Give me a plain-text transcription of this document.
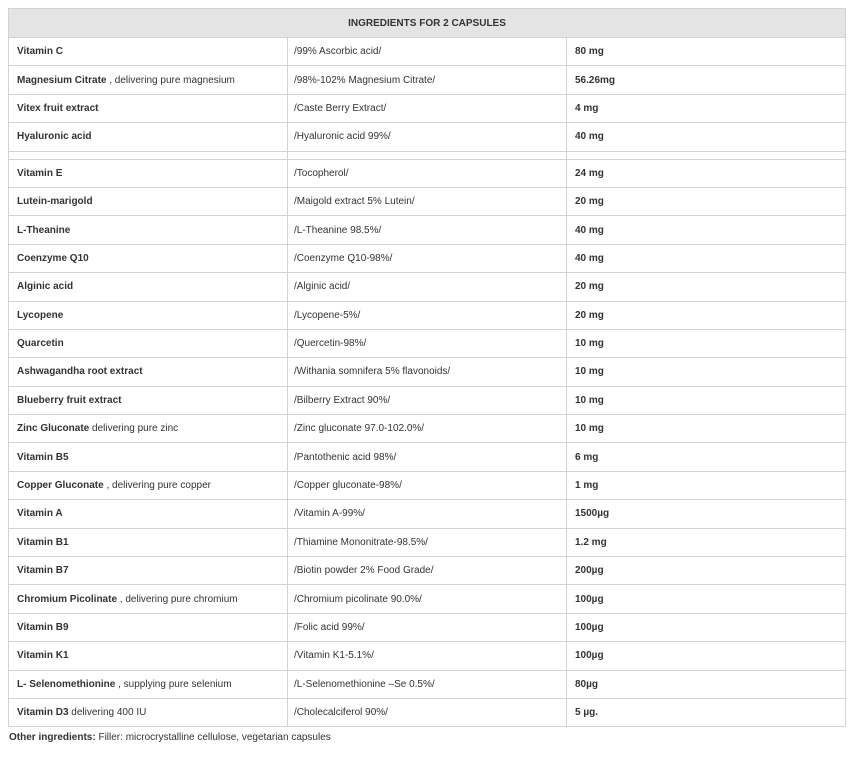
INGREDIENTS FOR 2 CAPSULES		
Vitamin C	/99% Ascorbic acid/	80 mg
Magnesium Citrate , delivering pure magnesium	/98%-102% Magnesium Citrate/	56.26mg
Vitex fruit extract	/Caste Berry Extract/	4 mg
Hyaluronic acid	/Hyaluronic acid 99%/	40 mg

Vitamin E	/Tocopherol/	24 mg
Lutein-marigold	/Maigold extract 5% Lutein/	20 mg
L-Theanine	/L-Theanine 98.5%/	40 mg
Coenzyme Q10	/Coenzyme Q10-98%/	40 mg
Alginic acid	/Alginic acid/	20 mg
Lycopene	/Lycopene-5%/	20 mg
Quarcetin	/Quercetin-98%/	10 mg
Ashwagandha root extract	/Withania somnifera 5% flavonoids/	10 mg
Blueberry fruit extract	/Bilberry Extract 90%/	10 mg
Zinc Gluconate delivering pure zinc	/Zinc gluconate 97.0-102.0%/	10 mg
Vitamin B5	/Pantothenic acid 98%/	6 mg
Copper Gluconate , delivering pure copper	/Copper gluconate-98%/	1 mg
Vitamin A	/Vitamin A-99%/	1500µg
Vitamin B1	/Thiamine Mononitrate-98.5%/	1.2 mg
Vitamin B7	/Biotin powder 2% Food Grade/	200µg
Chromium Picolinate , delivering pure chromium	/Chromium picolinate 90.0%/	100µg
Vitamin B9	/Folic acid 99%/	100µg
Vitamin K1	/Vitamin K1-5.1%/	100µg
L- Selenomethionine , supplying pure selenium	/L-Selenomethionine –Se 0.5%/	80µg
Vitamin D3 delivering 400 IU	/Cholecalciferol 90%/	5 µg.
Other ingredients: Filler: microcrystalline cellulose, vegetarian capsules
